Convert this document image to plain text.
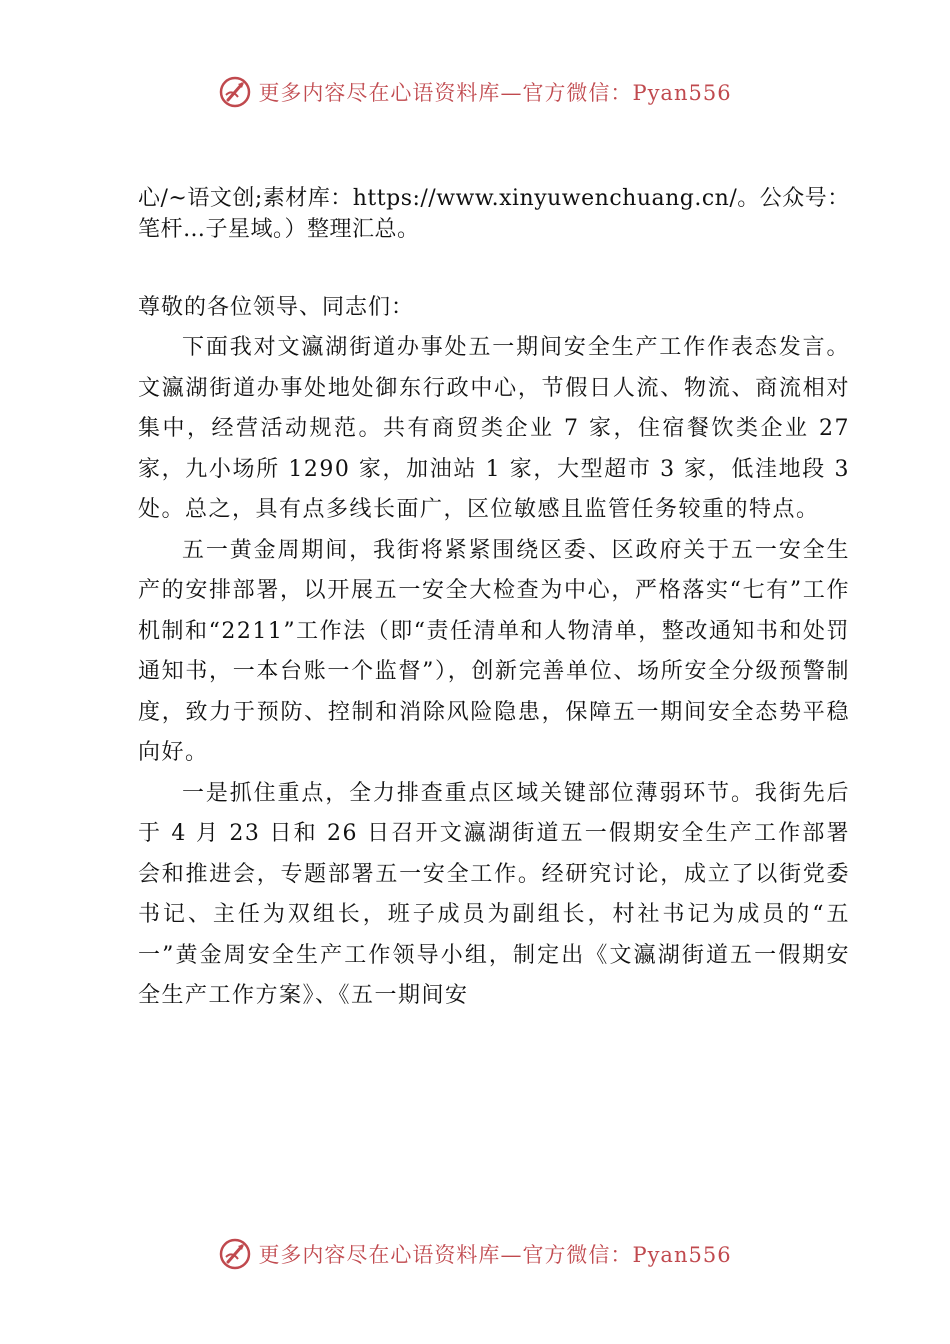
更多内容尽在心语资料库—官方微信：Pyan556

心/~语文创;素材库：https://www.xinyuwenchuang.cn/。公众号：笔杆…子星域。）整理汇总。

尊敬的各位领导、同志们：

下面我对文瀛湖街道办事处五一期间安全生产工作作表态发言。文瀛湖街道办事处地处御东行政中心，节假日人流、物流、商流相对集中，经营活动规范。共有商贸类企业 7 家，住宿餐饮类企业 27 家，九小场所 1290 家，加油站 1 家，大型超市 3 家，低洼地段 3 处。总之，具有点多线长面广，区位敏感且监管任务较重的特点。

五一黄金周期间，我街将紧紧围绕区委、区政府关于五一安全生产的安排部署，以开展五一安全大检查为中心，严格落实“七有”工作机制和“2211”工作法（即“责任清单和人物清单，整改通知书和处罚通知书，一本台账一个监督”），创新完善单位、场所安全分级预警制度，致力于预防、控制和消除风险隐患，保障五一期间安全态势平稳向好。

一是抓住重点，全力排查重点区域关键部位薄弱环节。我街先后于 4 月 23 日和 26 日召开文瀛湖街道五一假期安全生产工作部署会和推进会，专题部署五一安全工作。经研究讨论，成立了以街党委书记、主任为双组长，班子成员为副组长，村社书记为成员的“五一”黄金周安全生产工作领导小组，制定出《文瀛湖街道五一假期安全生产工作方案》、《五一期间安

更多内容尽在心语资料库—官方微信：Pyan556
